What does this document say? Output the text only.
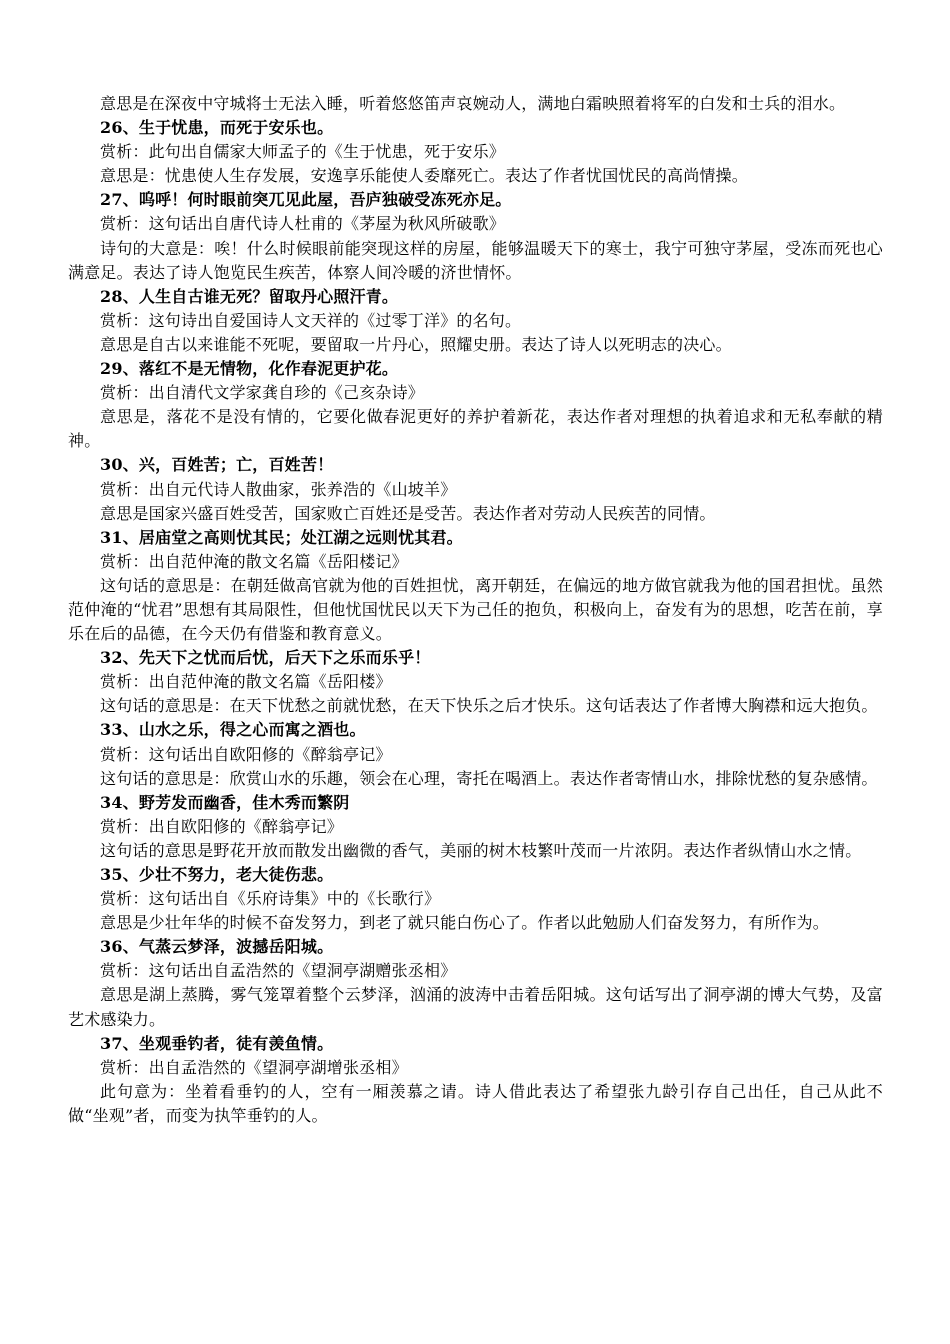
意思是在深夜中守城将士无法入睡，听着悠悠笛声哀婉动人，满地白霜映照着将军的白发和士兵的泪水。

26、生于忧患，而死于安乐也。

赏析：此句出自儒家大师孟子的《生于忧患，死于安乐》

意思是：忧患使人生存发展，安逸享乐能使人委靡死亡。表达了作者忧国忧民的高尚情操。

27、呜呼！何时眼前突兀见此屋，吾庐独破受冻死亦足。

赏析：这句话出自唐代诗人杜甫的《茅屋为秋风所破歌》

诗句的大意是：唉！什么时候眼前能突现这样的房屋，能够温暖天下的寒士，我宁可独守茅屋，受冻而死也心满意足。表达了诗人饱览民生疾苦，体察人间冷暖的济世情怀。

28、人生自古谁无死？留取丹心照汗青。

赏析：这句诗出自爱国诗人文天祥的《过零丁洋》的名句。

意思是自古以来谁能不死呢，要留取一片丹心，照耀史册。表达了诗人以死明志的决心。

29、落红不是无情物，化作春泥更护花。

赏析：出自清代文学家龚自珍的《己亥杂诗》

意思是，落花不是没有情的，它要化做春泥更好的养护着新花，表达作者对理想的执着追求和无私奉献的精神。

30、兴，百姓苦；亡，百姓苦！

赏析：出自元代诗人散曲家，张养浩的《山坡羊》

意思是国家兴盛百姓受苦，国家败亡百姓还是受苦。表达作者对劳动人民疾苦的同情。

31、居庙堂之高则忧其民；处江湖之远则忧其君。

赏析：出自范仲淹的散文名篇《岳阳楼记》

这句话的意思是：在朝廷做高官就为他的百姓担忧，离开朝廷，在偏远的地方做官就我为他的国君担忧。虽然范仲淹的“忧君”思想有其局限性，但他忧国忧民以天下为己任的抱负，积极向上，奋发有为的思想，吃苦在前，享乐在后的品德，在今天仍有借鉴和教育意义。

32、先天下之忧而后忧，后天下之乐而乐乎！

赏析：出自范仲淹的散文名篇《岳阳楼》

这句话的意思是：在天下忧愁之前就忧愁，在天下快乐之后才快乐。这句话表达了作者博大胸襟和远大抱负。

33、山水之乐，得之心而寓之酒也。

赏析：这句话出自欧阳修的《醉翁亭记》

这句话的意思是：欣赏山水的乐趣，领会在心理，寄托在喝酒上。表达作者寄情山水，排除忧愁的复杂感情。

34、野芳发而幽香，佳木秀而繁阴

赏析：出自欧阳修的《醉翁亭记》

这句话的意思是野花开放而散发出幽微的香气，美丽的树木枝繁叶茂而一片浓阴。表达作者纵情山水之情。

35、少壮不努力，老大徒伤悲。

赏析：这句话出自《乐府诗集》中的《长歌行》

意思是少壮年华的时候不奋发努力，到老了就只能白伤心了。作者以此勉励人们奋发努力，有所作为。

36、气蒸云梦泽，波撼岳阳城。

赏析：这句话出自孟浩然的《望洞亭湖赠张丞相》

意思是湖上蒸腾，雾气笼罩着整个云梦泽，汹涌的波涛中击着岳阳城。这句话写出了洞亭湖的博大气势，及富艺术感染力。

37、坐观垂钓者，徒有羡鱼情。

赏析：出自孟浩然的《望洞亭湖增张丞相》

此句意为：坐着看垂钓的人，空有一厢羡慕之请。诗人借此表达了希望张九龄引存自己出任，自己从此不做“坐观”者，而变为执竿垂钓的人。
